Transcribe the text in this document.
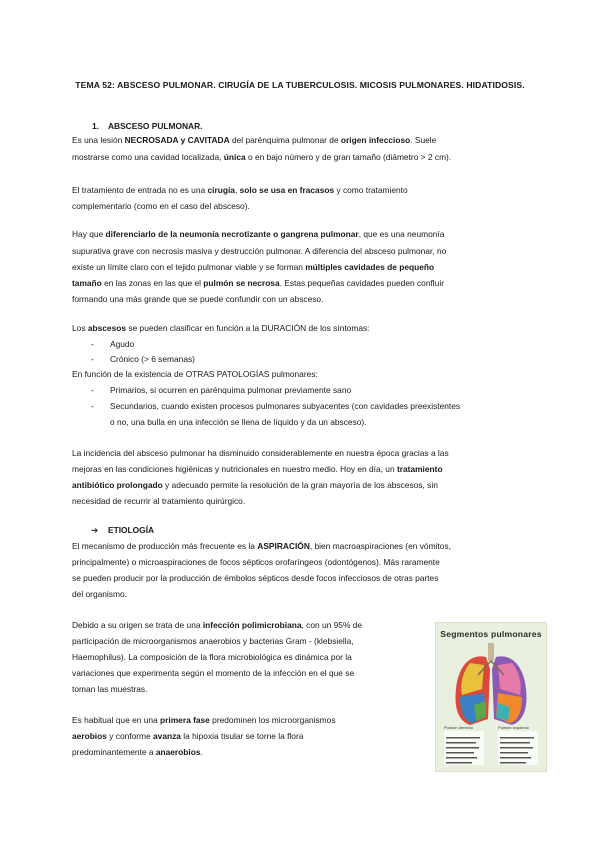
TEMA 52: ABSCESO PULMONAR. CIRUGÍA DE LA TUBERCULOSIS. MICOSIS PULMONARES. HIDATIDOSIS.
1. ABSCESO PULMONAR.
Es una lesión NECROSADA y CAVITADA del parénquima pulmonar de origen infeccioso. Suele
mostrarse como una cavidad localizada, única o en bajo número y de gran tamaño (diámetro > 2 cm).
El tratamiento de entrada no es una cirugía, solo se usa en fracasos y como tratamiento
complementario (como en el caso del absceso).
Hay que diferenciarlo de la neumonía necrotizante o gangrena pulmonar, que es una neumonía
supurativa grave con necrosis masiva y destrucción pulmonar. A diferencia del absceso pulmonar, no
existe un límite claro con el tejido pulmonar viable y se forman múltiples cavidades de pequeño
tamaño en las zonas en las que el pulmón se necrosa. Estas pequeñas cavidades pueden confluir
formando una más grande que se puede confundir con un absceso.
Los abscesos se pueden clasificar en función a la DURACIÓN de los síntomas:
- Agudo
- Crónico (> 6 semanas)
En función de la existencia de OTRAS PATOLOGÍAS pulmonares:
- Primarios, si ocurren en parénquima pulmonar previamente sano
- Secundarios, cuando existen procesos pulmonares subyacentes (con cavidades preexistentes
o no, una bulla en una infección se llena de líquido y da un absceso).
La incidencia del absceso pulmonar ha disminuido considerablemente en nuestra época gracias a las
mejoras en las condiciones higiénicas y nutricionales en nuestro medio. Hoy en día, un tratamiento
antibiótico prolongado y adecuado permite la resolución de la gran mayoría de los abscesos, sin
necesidad de recurrir al tratamiento quirúrgico.
➔ ETIOLOGÍA
El mecanismo de producción más frecuente es la ASPIRACIÓN, bien macroaspiraciones (en vómitos,
principalmente) o microaspiraciones de focos sépticos orofaríngeos (odontógenos). Más raramente
se pueden producir por la producción de émbolos sépticos desde focos infecciosos de otras partes
del organismo.
Debido a su origen se trata de una infección polimicrobiana, con un 95% de
participación de microorganismos anaerobios y bacterias Gram - (klebsiella,
Haemophilus). La composición de la flora microbiológica es dinámica por la
variaciones que experimenta según el momento de la infección en el que se
toman las muestras.
Es habitual que en una primera fase predominen los microorganismos
aerobios y conforme avanza la hipoxia tisular se torne la flora
predominantemente a anaerobios.
Segmentos pulmonares
Pulmón derecho	Pulmón izquierdo
